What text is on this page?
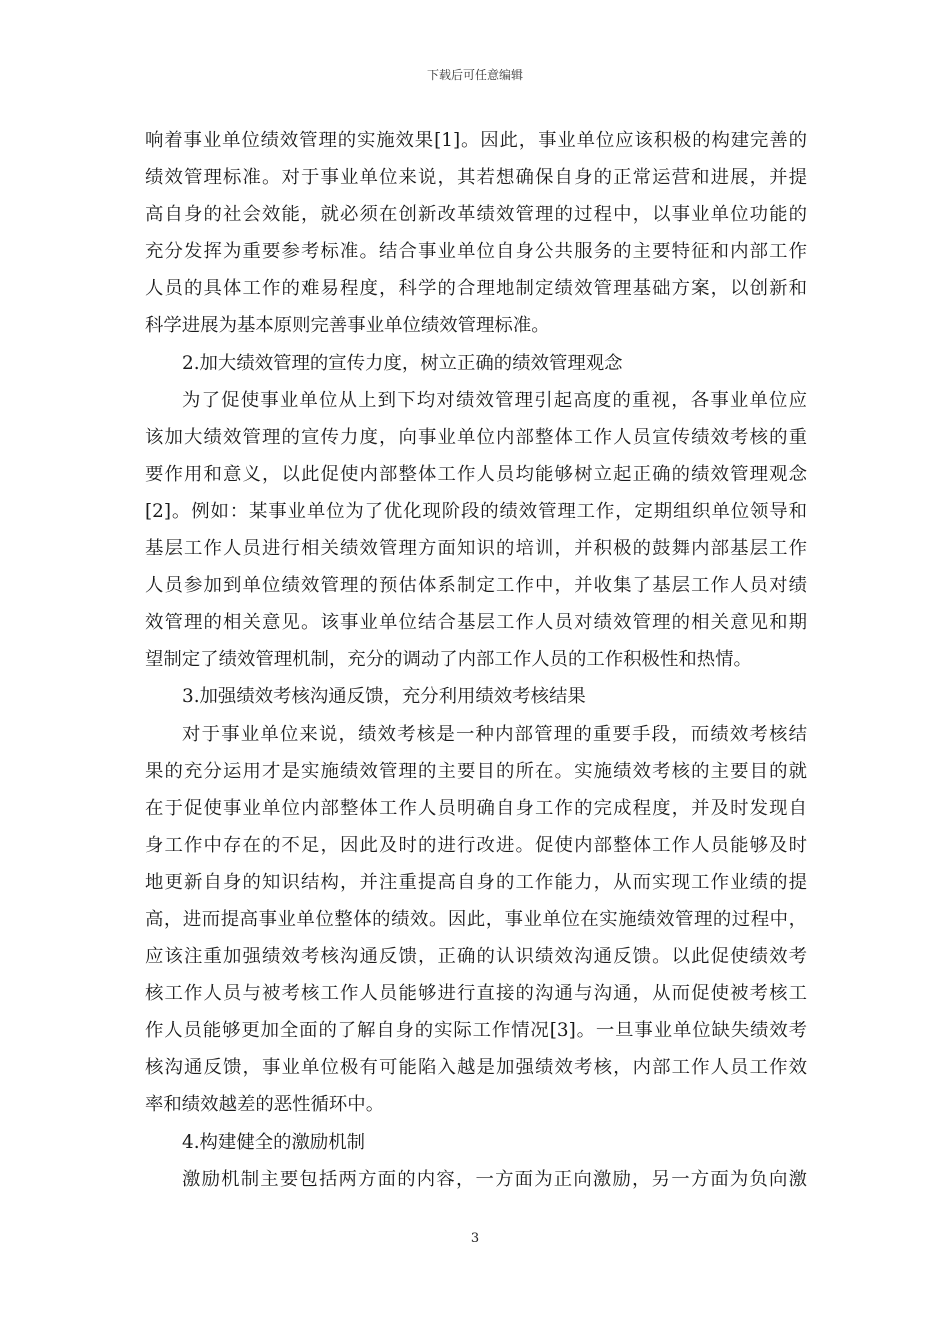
下载后可任意编辑
响着事业单位绩效管理的实施效果[1]。因此，事业单位应该积极的构建完善的
绩效管理标准。对于事业单位来说，其若想确保自身的正常运营和进展，并提
高自身的社会效能，就必须在创新改革绩效管理的过程中，以事业单位功能的
充分发挥为重要参考标准。结合事业单位自身公共服务的主要特征和内部工作
人员的具体工作的难易程度，科学的合理地制定绩效管理基础方案，以创新和
科学进展为基本原则完善事业单位绩效管理标准。
2.加大绩效管理的宣传力度，树立正确的绩效管理观念
为了促使事业单位从上到下均对绩效管理引起高度的重视，各事业单位应
该加大绩效管理的宣传力度，向事业单位内部整体工作人员宣传绩效考核的重
要作用和意义，以此促使内部整体工作人员均能够树立起正确的绩效管理观念
[2]。例如：某事业单位为了优化现阶段的绩效管理工作，定期组织单位领导和
基层工作人员进行相关绩效管理方面知识的培训，并积极的鼓舞内部基层工作
人员参加到单位绩效管理的预估体系制定工作中，并收集了基层工作人员对绩
效管理的相关意见。该事业单位结合基层工作人员对绩效管理的相关意见和期
望制定了绩效管理机制，充分的调动了内部工作人员的工作积极性和热情。
3.加强绩效考核沟通反馈，充分利用绩效考核结果
对于事业单位来说，绩效考核是一种内部管理的重要手段，而绩效考核结
果的充分运用才是实施绩效管理的主要目的所在。实施绩效考核的主要目的就
在于促使事业单位内部整体工作人员明确自身工作的完成程度，并及时发现自
身工作中存在的不足，因此及时的进行改进。促使内部整体工作人员能够及时
地更新自身的知识结构，并注重提高自身的工作能力，从而实现工作业绩的提
高，进而提高事业单位整体的绩效。因此，事业单位在实施绩效管理的过程中，
应该注重加强绩效考核沟通反馈，正确的认识绩效沟通反馈。以此促使绩效考
核工作人员与被考核工作人员能够进行直接的沟通与沟通，从而促使被考核工
作人员能够更加全面的了解自身的实际工作情况[3]。一旦事业单位缺失绩效考
核沟通反馈，事业单位极有可能陷入越是加强绩效考核，内部工作人员工作效
率和绩效越差的恶性循环中。
4.构建健全的激励机制
激励机制主要包括两方面的内容，一方面为正向激励，另一方面为负向激
3
